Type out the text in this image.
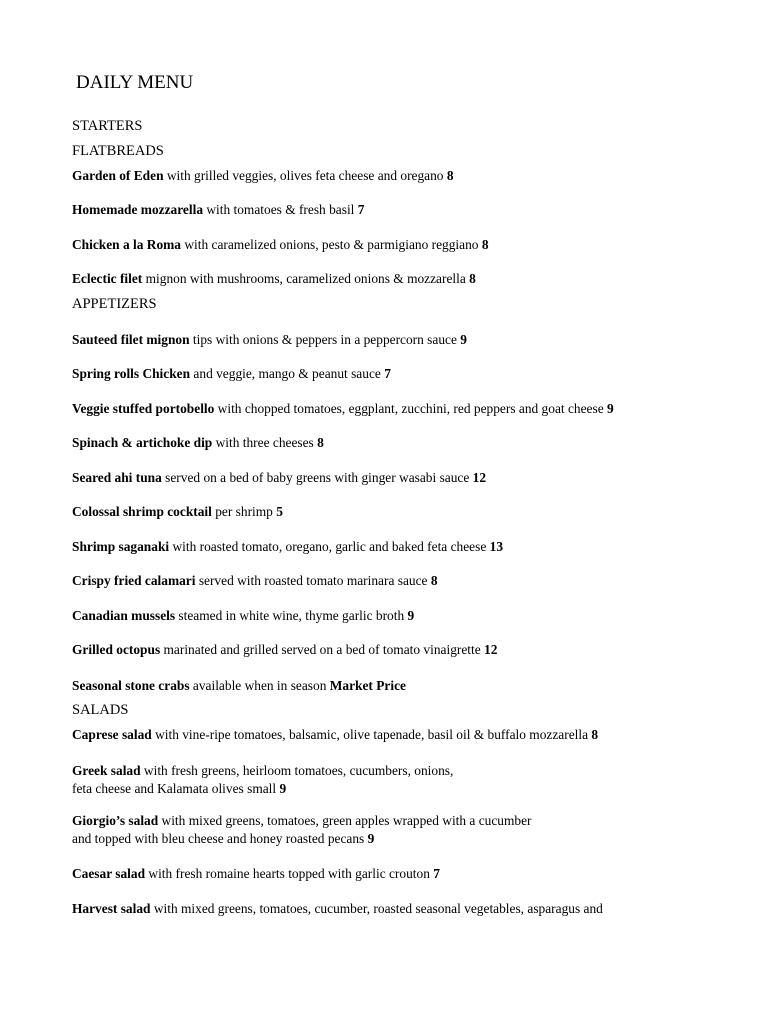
DAILY MENU
STARTERS
FLATBREADS
Garden of Eden with grilled veggies, olives feta cheese and oregano 8
Homemade mozzarella with tomatoes & fresh basil 7
Chicken a la Roma with caramelized onions, pesto & parmigiano reggiano 8
Eclectic filet mignon with mushrooms, caramelized onions & mozzarella 8
APPETIZERS
Sauteed filet mignon tips with onions & peppers in a peppercorn sauce 9
Spring rolls Chicken and veggie, mango & peanut sauce 7
Veggie stuffed portobello with chopped tomatoes, eggplant, zucchini, red peppers and goat cheese 9
Spinach & artichoke dip with three cheeses 8
Seared ahi tuna served on a bed of baby greens with ginger wasabi sauce 12
Colossal shrimp cocktail per shrimp 5
Shrimp saganaki with roasted tomato, oregano, garlic and baked feta cheese 13
Crispy fried calamari served with roasted tomato marinara sauce 8
Canadian mussels steamed in white wine, thyme garlic broth 9
Grilled octopus marinated and grilled served on a bed of tomato vinaigrette 12
Seasonal stone crabs available when in season Market Price
SALADS
Caprese salad with vine-ripe tomatoes, balsamic, olive tapenade, basil oil & buffalo mozzarella 8
Greek salad with fresh greens, heirloom tomatoes, cucumbers, onions,
feta cheese and Kalamata olives small 9
Giorgio’s salad with mixed greens, tomatoes, green apples wrapped with a cucumber
and topped with bleu cheese and honey roasted pecans 9
Caesar salad with fresh romaine hearts topped with garlic crouton 7
Harvest salad with mixed greens, tomatoes, cucumber, roasted seasonal vegetables, asparagus and
